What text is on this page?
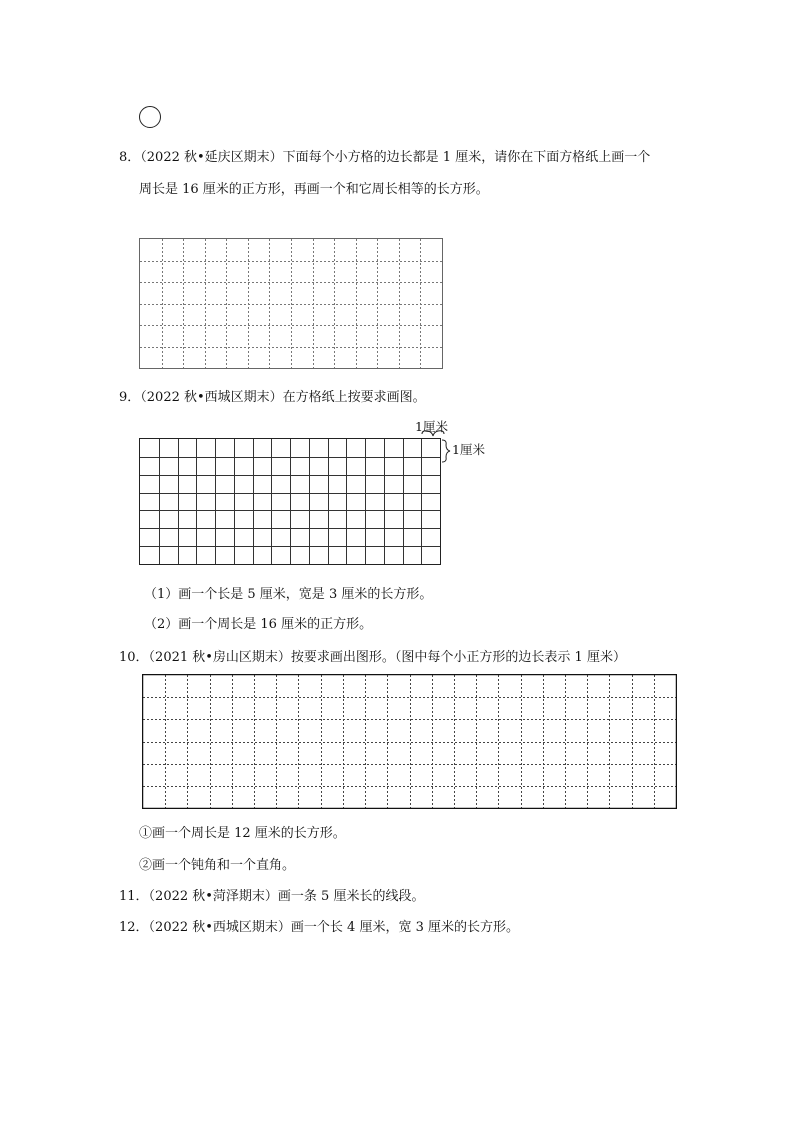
8．（2022 秋•延庆区期末）下面每个小方格的边长都是 1 厘米，请你在下面方格纸上画一个
周长是 16 厘米的正方形，再画一个和它周长相等的长方形。
9．（2022 秋•西城区期末）在方格纸上按要求画图。
1厘米
1厘米
（1）画一个长是 5 厘米，宽是 3 厘米的长方形。
（2）画一个周长是 16 厘米的正方形。
10．（2021 秋•房山区期末）按要求画出图形。（图中每个小正方形的边长表示 1 厘米）
①画一个周长是 12 厘米的长方形。
②画一个钝角和一个直角。
11．（2022 秋•菏泽期末）画一条 5 厘米长的线段。
12．（2022 秋•西城区期末）画一个长 4 厘米，宽 3 厘米的长方形。
